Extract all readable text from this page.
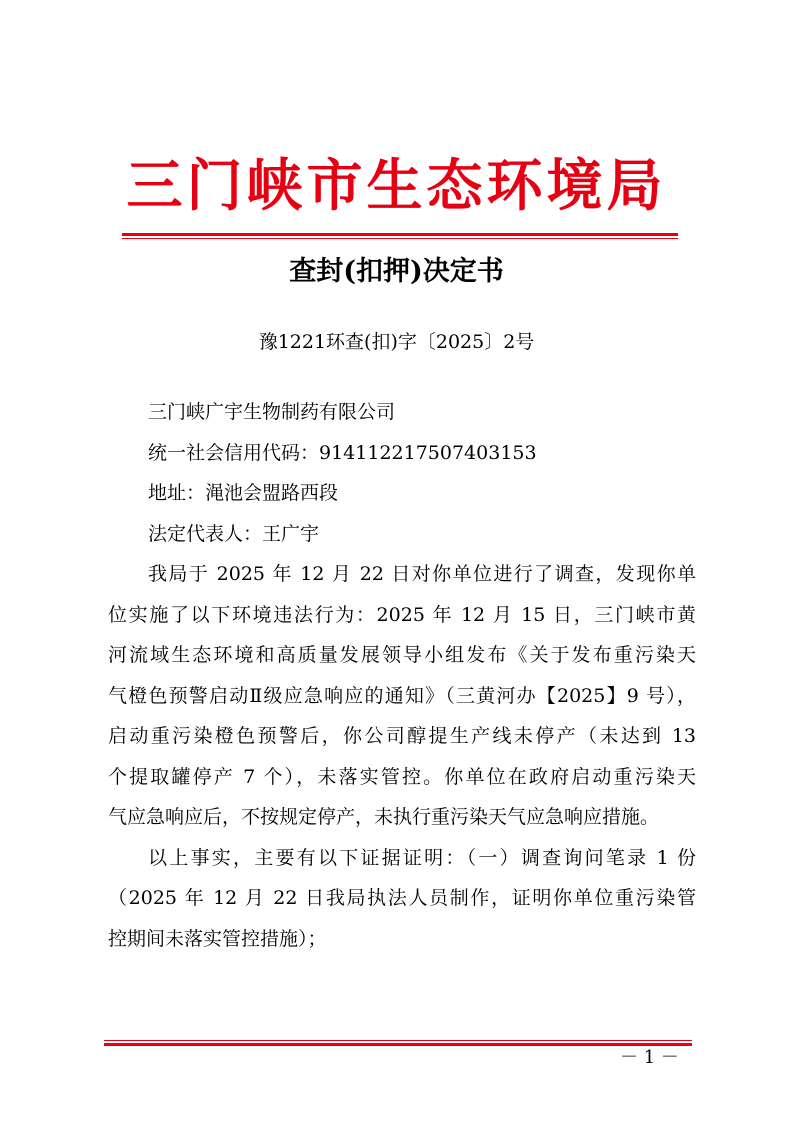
三门峡市生态环境局
查封(扣押)决定书
豫1221环查(扣)字〔2025〕2号
三门峡广宇生物制药有限公司
统一社会信用代码：914112217507403153
地址：渑池会盟路西段
法定代表人：王广宇
我局于 2025 年 12 月 22 日对你单位进行了调查，发现你单
位实施了以下环境违法行为：2025 年 12 月 15 日，三门峡市黄
河流域生态环境和高质量发展领导小组发布《关于发布重污染天
气橙色预警启动Ⅱ级应急响应的通知》（三黄河办【2025】9 号），
启动重污染橙色预警后，你公司醇提生产线未停产（未达到 13
个提取罐停产 7 个），未落实管控。你单位在政府启动重污染天
气应急响应后，不按规定停产，未执行重污染天气应急响应措施。
以上事实，主要有以下证据证明：（一）调查询问笔录 1 份
（2025 年 12 月 22 日我局执法人员制作，证明你单位重污染管
控期间未落实管控措施）；
－ 1 －
